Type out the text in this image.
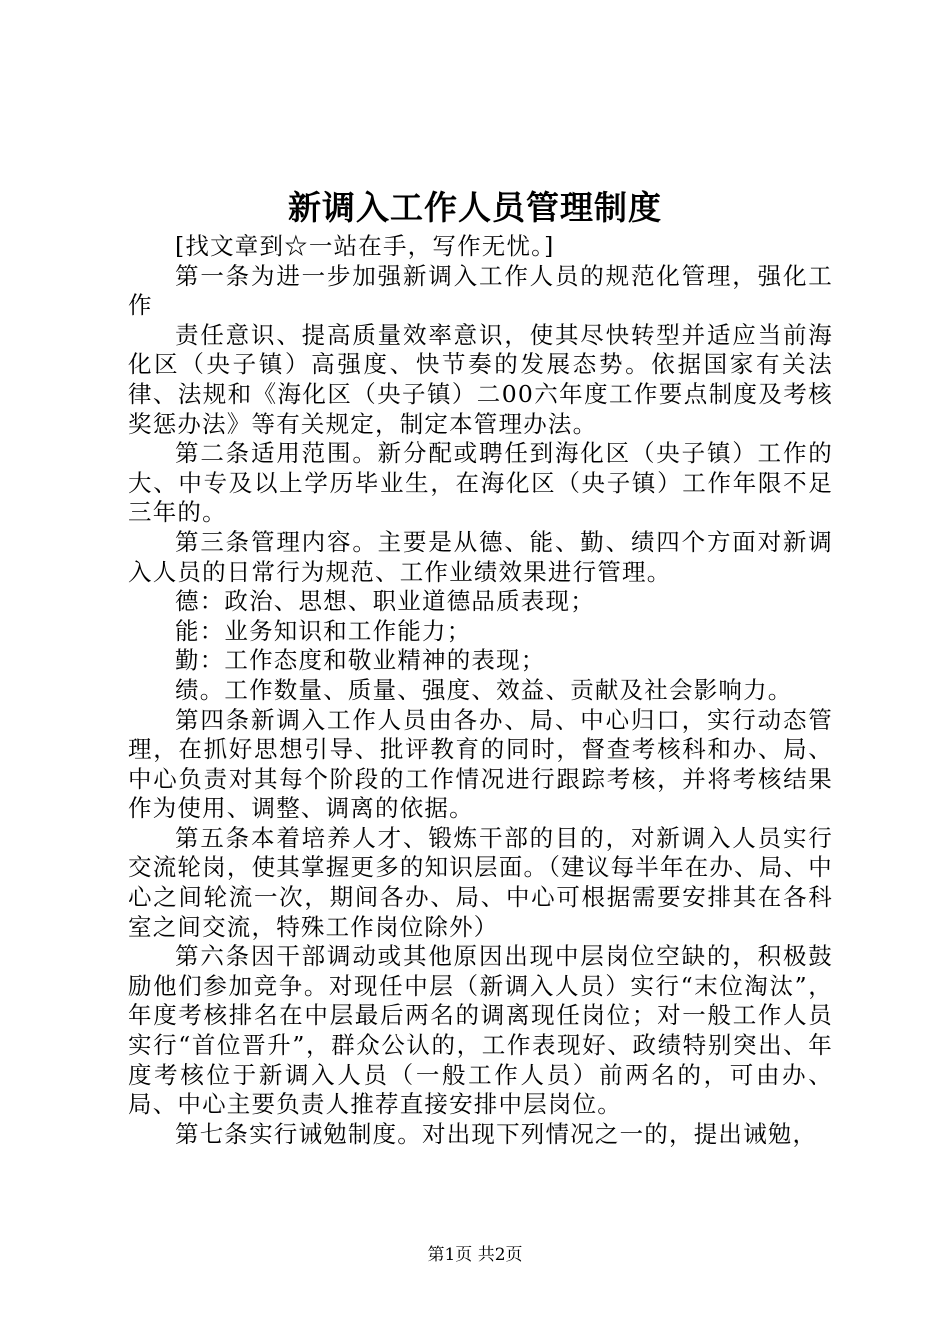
新调入工作人员管理制度

[找文章到☆一站在手，写作无忧。]

第一条为进一步加强新调入工作人员的规范化管理，强化工作

责任意识、提高质量效率意识，使其尽快转型并适应当前海化区（央子镇）高强度、快节奏的发展态势。依据国家有关法律、法规和《海化区（央子镇）二00六年度工作要点制度及考核奖惩办法》等有关规定，制定本管理办法。

第二条适用范围。新分配或聘任到海化区（央子镇）工作的大、中专及以上学历毕业生，在海化区（央子镇）工作年限不足三年的。

第三条管理内容。主要是从德、能、勤、绩四个方面对新调入人员的日常行为规范、工作业绩效果进行管理。

德：政治、思想、职业道德品质表现；

能：业务知识和工作能力；

勤：工作态度和敬业精神的表现；

绩。工作数量、质量、强度、效益、贡献及社会影响力。

第四条新调入工作人员由各办、局、中心归口，实行动态管理，在抓好思想引导、批评教育的同时，督查考核科和办、局、中心负责对其每个阶段的工作情况进行跟踪考核，并将考核结果作为使用、调整、调离的依据。

第五条本着培养人才、锻炼干部的目的，对新调入人员实行交流轮岗，使其掌握更多的知识层面。（建议每半年在办、局、中心之间轮流一次，期间各办、局、中心可根据需要安排其在各科室之间交流，特殊工作岗位除外）

第六条因干部调动或其他原因出现中层岗位空缺的，积极鼓励他们参加竞争。对现任中层（新调入人员）实行“末位淘汰”，年度考核排名在中层最后两名的调离现任岗位；对一般工作人员实行“首位晋升”，群众公认的，工作表现好、政绩特别突出、年度考核位于新调入人员（一般工作人员）前两名的，可由办、局、中心主要负责人推荐直接安排中层岗位。

第七条实行诫勉制度。对出现下列情况之一的，提出诫勉，

第1页 共2页
